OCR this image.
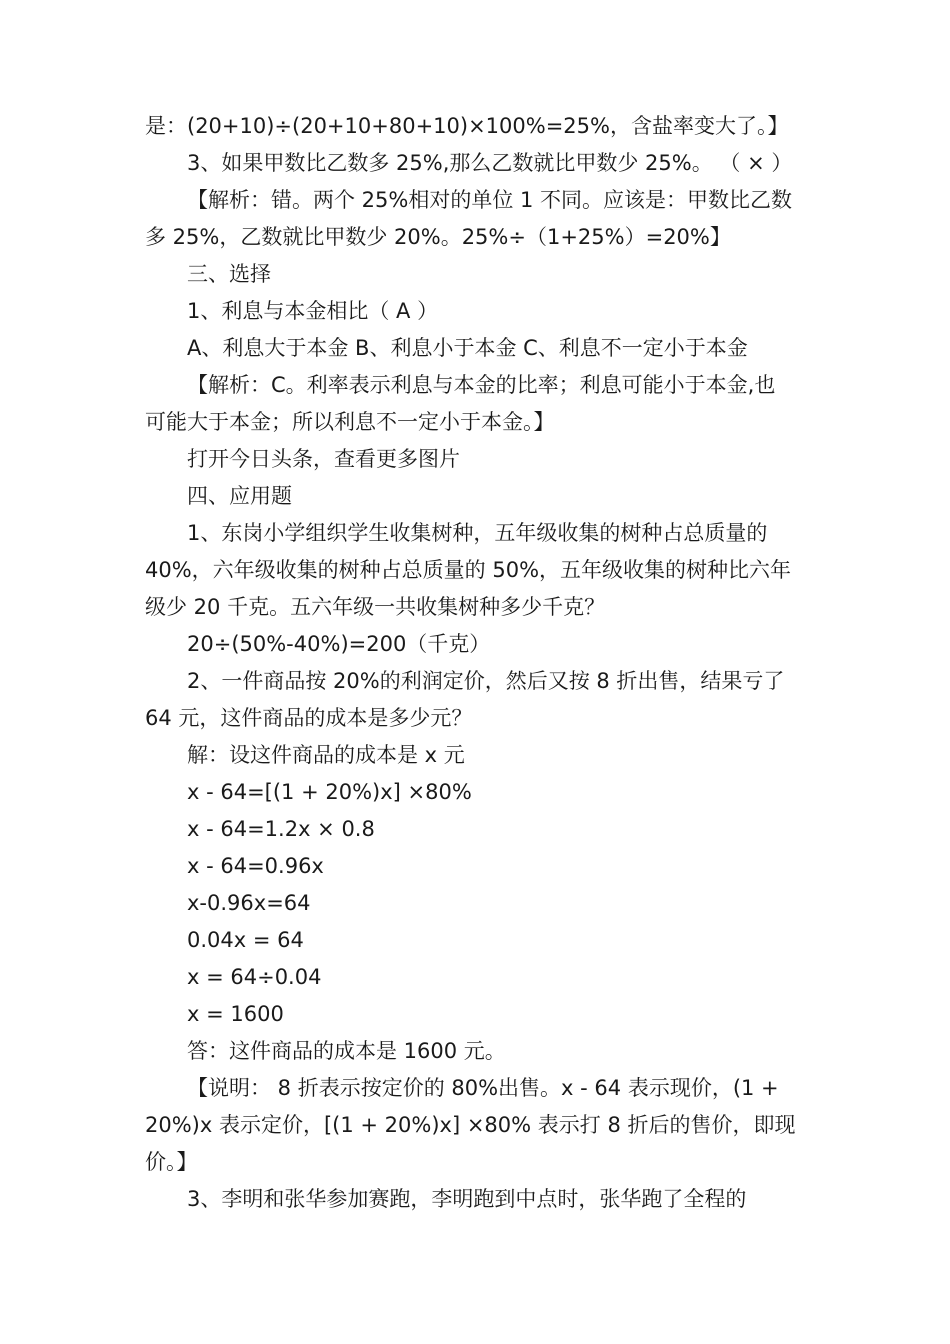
是：(20+10)÷(20+10+80+10)×100%=25%，含盐率变大了。】
3、如果甲数比乙数多 25%,那么乙数就比甲数少 25%。 （ × ）
【解析：错。两个 25%相对的单位 1 不同。应该是：甲数比乙数
多 25%，乙数就比甲数少 20%。25%÷（1+25%）=20%】
三、选择
1、利息与本金相比（ A ）
A、利息大于本金 B、利息小于本金 C、利息不一定小于本金
【解析：C。利率表示利息与本金的比率；利息可能小于本金,也
可能大于本金；所以利息不一定小于本金。】
打开今日头条，查看更多图片
四、应用题
1、东岗小学组织学生收集树种，五年级收集的树种占总质量的
40%，六年级收集的树种占总质量的 50%，五年级收集的树种比六年
级少 20 千克。五六年级一共收集树种多少千克？
20÷(50%-40%)=200（千克）
2、一件商品按 20%的利润定价，然后又按 8 折出售，结果亏了
64 元，这件商品的成本是多少元？
解：设这件商品的成本是 x 元
x - 64=[(1 + 20%)x] ×80%
x - 64=1.2x × 0.8
x - 64=0.96x
x-0.96x=64
0.04x = 64
x = 64÷0.04
x = 1600
答：这件商品的成本是 1600 元。
【说明： 8 折表示按定价的 80%出售。x - 64 表示现价，(1 +
20%)x 表示定价，[(1 + 20%)x] ×80% 表示打 8 折后的售价，即现
价。】
3、李明和张华参加赛跑，李明跑到中点时，张华跑了全程的
